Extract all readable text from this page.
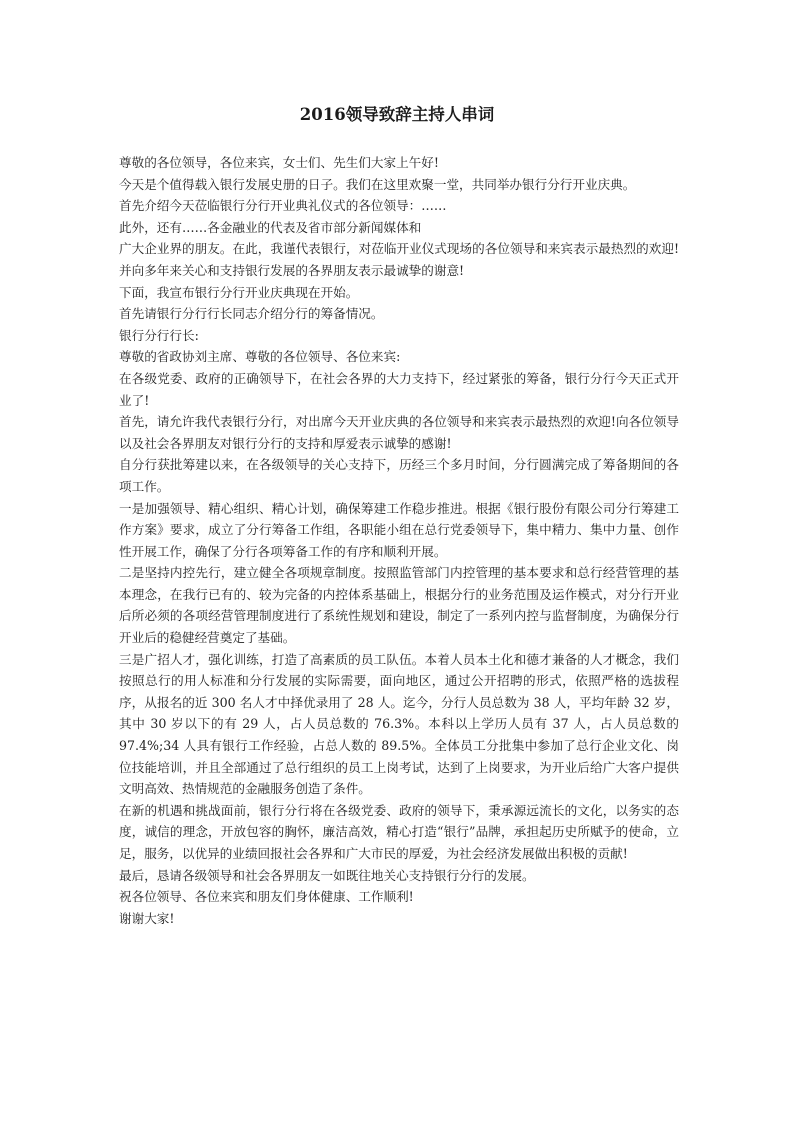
2016领导致辞主持人串词

尊敬的各位领导，各位来宾，女士们、先生们大家上午好!

今天是个值得载入银行发展史册的日子。我们在这里欢聚一堂，共同举办银行分行开业庆典。

首先介绍今天莅临银行分行开业典礼仪式的各位领导：……

此外，还有……各金融业的代表及省市部分新闻媒体和

广大企业界的朋友。在此，我谨代表银行，对莅临开业仪式现场的各位领导和来宾表示最热烈的欢迎!并向多年来关心和支持银行发展的各界朋友表示最诚挚的谢意!

下面，我宣布银行分行开业庆典现在开始。

首先请银行分行行长同志介绍分行的筹备情况。

银行分行行长:

尊敬的省政协刘主席、尊敬的各位领导、各位来宾:

在各级党委、政府的正确领导下，在社会各界的大力支持下，经过紧张的筹备，银行分行今天正式开业了!

首先，请允许我代表银行分行，对出席今天开业庆典的各位领导和来宾表示最热烈的欢迎!向各位领导以及社会各界朋友对银行分行的支持和厚爱表示诚挚的感谢!

自分行获批筹建以来，在各级领导的关心支持下，历经三个多月时间，分行圆满完成了筹备期间的各项工作。

一是加强领导、精心组织、精心计划，确保筹建工作稳步推进。根据《银行股份有限公司分行筹建工作方案》要求，成立了分行筹备工作组，各职能小组在总行党委领导下，集中精力、集中力量、创作性开展工作，确保了分行各项筹备工作的有序和顺利开展。

二是坚持内控先行，建立健全各项规章制度。按照监管部门内控管理的基本要求和总行经营管理的基本理念，在我行已有的、较为完备的内控体系基础上，根据分行的业务范围及运作模式，对分行开业后所必须的各项经营管理制度进行了系统性规划和建设，制定了一系列内控与监督制度，为确保分行开业后的稳健经营奠定了基础。

三是广招人才，强化训练，打造了高素质的员工队伍。本着人员本土化和德才兼备的人才概念，我们按照总行的用人标准和分行发展的实际需要，面向地区，通过公开招聘的形式，依照严格的选拔程序，从报名的近 300 名人才中择优录用了 28 人。迄今，分行人员总数为 38 人，平均年龄 32 岁，其中 30 岁以下的有 29 人，占人员总数的 76.3%。本科以上学历人员有 37 人，占人员总数的 97.4%;34 人具有银行工作经验，占总人数的 89.5%。全体员工分批集中参加了总行企业文化、岗位技能培训，并且全部通过了总行组织的员工上岗考试，达到了上岗要求，为开业后给广大客户提供文明高效、热情规范的金融服务创造了条件。

在新的机遇和挑战面前，银行分行将在各级党委、政府的领导下，秉承源远流长的文化，以务实的态度，诚信的理念，开放包容的胸怀，廉洁高效，精心打造“银行”品牌，承担起历史所赋予的使命，立足，服务，以优异的业绩回报社会各界和广大市民的厚爱，为社会经济发展做出积极的贡献!

最后，恳请各级领导和社会各界朋友一如既往地关心支持银行分行的发展。

祝各位领导、各位来宾和朋友们身体健康、工作顺利!

谢谢大家!
